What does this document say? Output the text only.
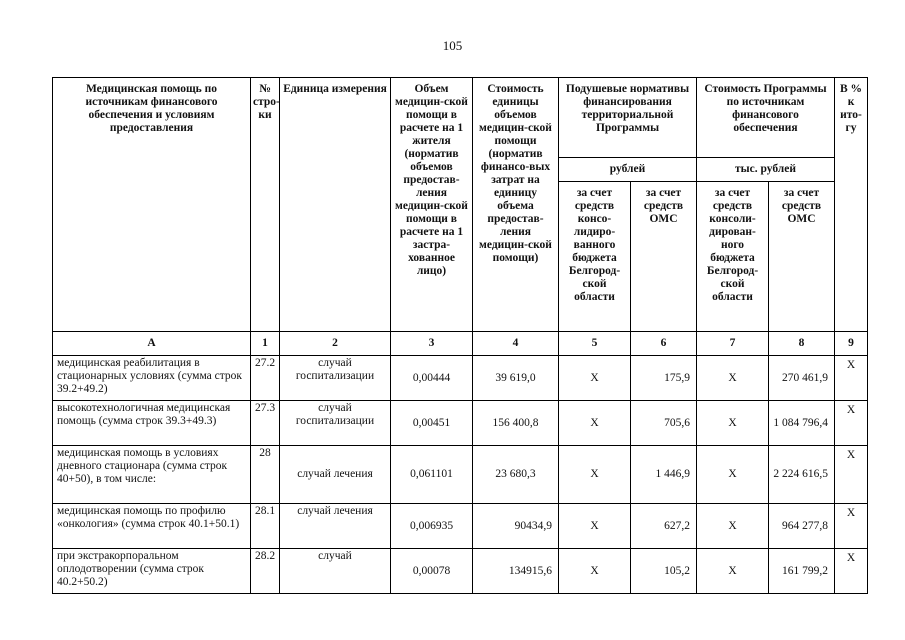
105
Медицинская помощь по источникам финансового обеспечения и условиям предоставления	№ стро-ки	Единица измерения	Объем медицин-ской помощи в расчете на 1 жителя (норматив объемов предостав-ления медицин-ской помощи в расчете на 1 застра-хованное лицо)	Стоимость единицы объемов медицин-ской помощи (норматив финансо-вых затрат на единицу объема предостав-ления медицин-ской помощи)	Подушевые нормативы финансирования территориальной Программы		Стоимость Программы по источникам финансового обеспечения		В % к ито-гу
					рублей		тыс. рублей		
					за счет средств консо-лидиро-ванного бюджета Белгород-ской области	за счет средств ОМС	за счет средств консоли-дирован-ного бюджета Белгород-ской области	за счет средств ОМС	
А	1	2	3	4	5	6	7	8	9
медицинская реабилитация в стационарных условиях (сумма строк 39.2+49.2)	27.2	случай госпитализации	0,00444	39 619,0	X	175,9	X	270 461,9	X
высокотехнологичная медицинская помощь (сумма строк 39.3+49.3)	27.3	случай госпитализации	0,00451	156 400,8	X	705,6	X	1 084 796,4	X
медицинская помощь в условиях дневного стационара (сумма строк 40+50), в том числе:	28	случай лечения	0,061101	23 680,3	X	1 446,9	X	2 224 616,5	X
медицинская помощь по профилю «онкология» (сумма строк 40.1+50.1)	28.1	случай лечения	0,006935	90434,9	X	627,2	X	964 277,8	X
при экстракорпоральном оплодотворении (сумма строк 40.2+50.2)	28.2	случай	0,00078	134915,6	X	105,2	X	161 799,2	X
